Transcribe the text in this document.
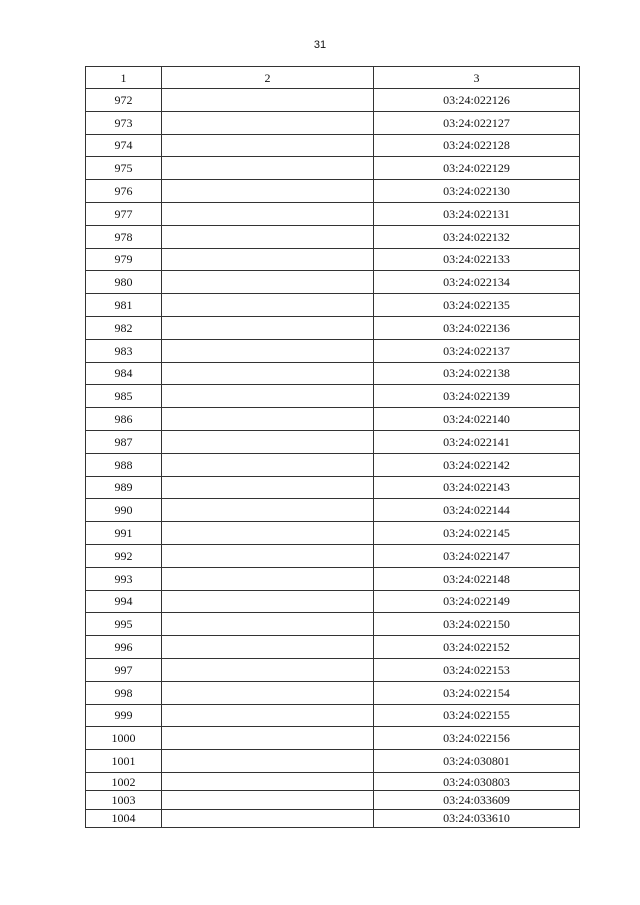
31
1	2	3
972		03:24:022126
973		03:24:022127
974		03:24:022128
975		03:24:022129
976		03:24:022130
977		03:24:022131
978		03:24:022132
979		03:24:022133
980		03:24:022134
981		03:24:022135
982		03:24:022136
983		03:24:022137
984		03:24:022138
985		03:24:022139
986		03:24:022140
987		03:24:022141
988		03:24:022142
989		03:24:022143
990		03:24:022144
991		03:24:022145
992		03:24:022147
993		03:24:022148
994		03:24:022149
995		03:24:022150
996		03:24:022152
997		03:24:022153
998		03:24:022154
999		03:24:022155
1000		03:24:022156
1001		03:24:030801
1002		03:24:030803
1003		03:24:033609
1004		03:24:033610
